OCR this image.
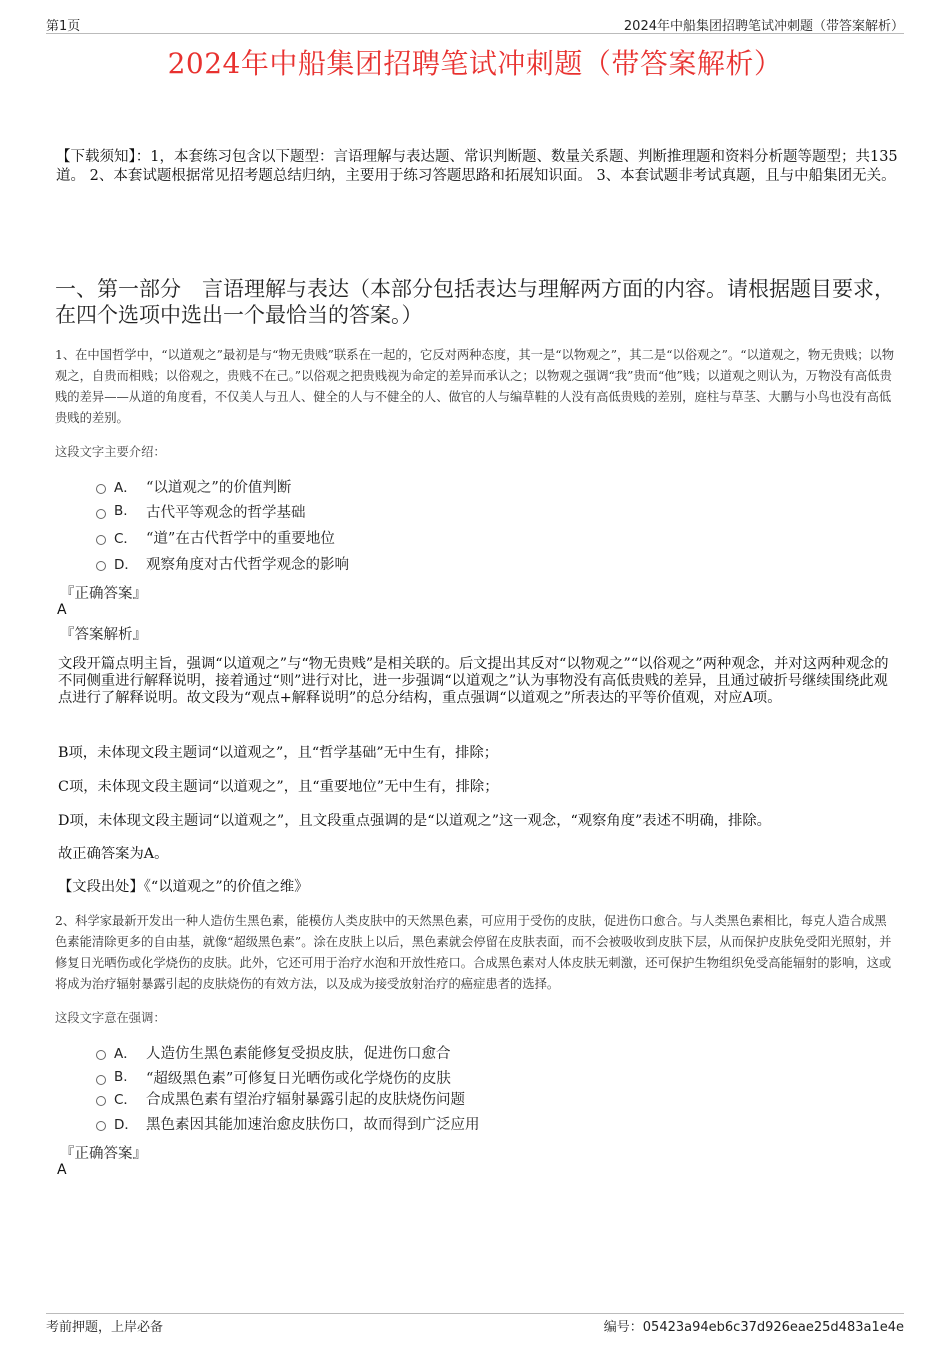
第1页	2024年中船集团招聘笔试冲刺题（带答案解析）
2024年中船集团招聘笔试冲刺题（带答案解析）
【下载须知】：1，本套练习包含以下题型：言语理解与表达题、常识判断题、数量关系题、判断推理题和资料分析题等题型；共135道。 2、本套试题根据常见招考题总结归纳，主要用于练习答题思路和拓展知识面。 3、本套试题非考试真题，且与中船集团无关。
一、第一部分　言语理解与表达（本部分包括表达与理解两方面的内容。请根据题目要求，在四个选项中选出一个最恰当的答案。）
1、在中国哲学中，“以道观之”最初是与“物无贵贱”联系在一起的，它反对两种态度，其一是“以物观之”，其二是“以俗观之”。“以道观之，物无贵贱；以物观之，自贵而相贱；以俗观之，贵贱不在己。”以俗观之把贵贱视为命定的差异而承认之；以物观之强调“我”贵而“他”贱；以道观之则认为，万物没有高低贵贱的差异——从道的角度看，不仅美人与丑人、健全的人与不健全的人、做官的人与编草鞋的人没有高低贵贱的差别，庭柱与草茎、大鹏与小鸟也没有高低贵贱的差别。
这段文字主要介绍：
A． “以道观之”的价值判断
B.	古代平等观念的哲学基础
C． “道”在古代哲学中的重要地位
D． 观察角度对古代哲学观念的影响
『正确答案』
A
『答案解析』
文段开篇点明主旨，强调“以道观之”与“物无贵贱”是相关联的。后文提出其反对“以物观之”“以俗观之”两种观念，并对这两种观念的不同侧重进行解释说明，接着通过“则”进行对比，进一步强调“以道观之”认为事物没有高低贵贱的差异，且通过破折号继续围绕此观点进行了解释说明。故文段为“观点+解释说明”的总分结构，重点强调“以道观之”所表达的平等价值观，对应A项。
B项，未体现文段主题词“以道观之”，且“哲学基础”无中生有，排除；
C项，未体现文段主题词“以道观之”，且“重要地位”无中生有，排除；
D项，未体现文段主题词“以道观之”，且文段重点强调的是“以道观之”这一观念，“观察角度”表述不明确，排除。
故正确答案为A。
【文段出处】《“以道观之”的价值之维》
2、科学家最新开发出一种人造仿生黑色素，能模仿人类皮肤中的天然黑色素，可应用于受伤的皮肤，促进伤口愈合。与人类黑色素相比，每克人造合成黑色素能清除更多的自由基，就像“超级黑色素”。涂在皮肤上以后，黑色素就会停留在皮肤表面，而不会被吸收到皮肤下层，从而保护皮肤免受阳光照射，并修复日光晒伤或化学烧伤的皮肤。此外，它还可用于治疗水泡和开放性疮口。合成黑色素对人体皮肤无刺激，还可保护生物组织免受高能辐射的影响，这或将成为治疗辐射暴露引起的皮肤烧伤的有效方法，以及成为接受放射治疗的癌症患者的选择。
这段文字意在强调：
A． 人造仿生黑色素能修复受损皮肤，促进伤口愈合
B.	“超级黑色素”可修复日光晒伤或化学烧伤的皮肤
C． 合成黑色素有望治疗辐射暴露引起的皮肤烧伤问题
D． 黑色素因其能加速治愈皮肤伤口，故而得到广泛应用
『正确答案』
A
考前押题，上岸必备	编号：05423a94eb6c37d926eae25d483a1e4e
